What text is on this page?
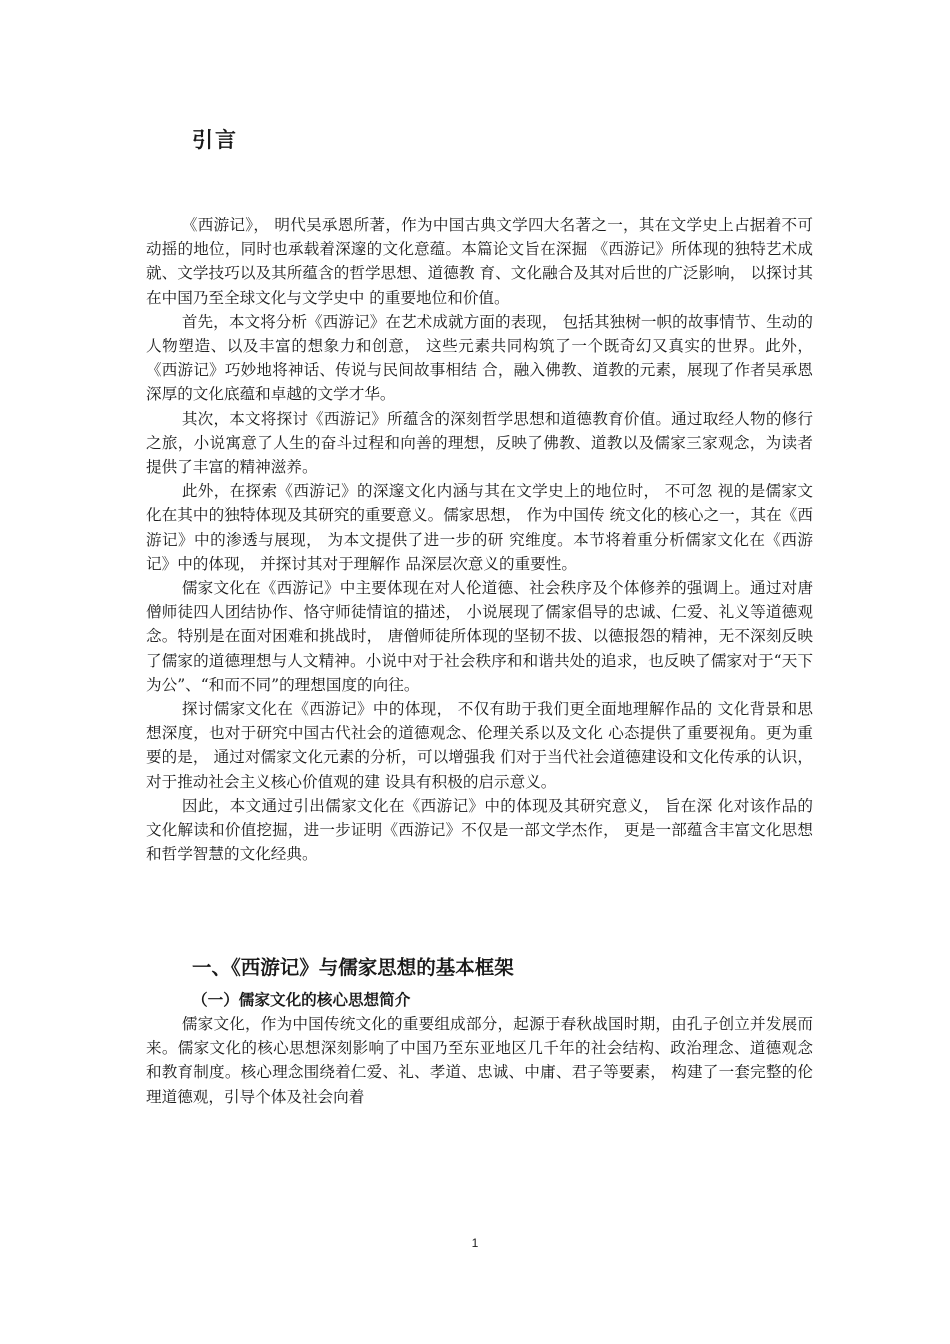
引言

《西游记》， 明代吴承恩所著，作为中国古典文学四大名著之一，其在文学史上占据着不可动摇的地位，同时也承载着深邃的文化意蕴。本篇论文旨在深掘 《西游记》所体现的独特艺术成就、文学技巧以及其所蕴含的哲学思想、道德教 育、文化融合及其对后世的广泛影响， 以探讨其在中国乃至全球文化与文学史中 的重要地位和价值。

首先，本文将分析《西游记》在艺术成就方面的表现， 包括其独树一帜的故事情节、生动的人物塑造、以及丰富的想象力和创意， 这些元素共同构筑了一个既奇幻又真实的世界。此外，《西游记》巧妙地将神话、传说与民间故事相结 合，融入佛教、道教的元素，展现了作者吴承恩深厚的文化底蕴和卓越的文学才华。

其次，本文将探讨《西游记》所蕴含的深刻哲学思想和道德教育价值。通过取经人物的修行之旅，小说寓意了人生的奋斗过程和向善的理想，反映了佛教、道教以及儒家三家观念，为读者提供了丰富的精神滋养。

此外，在探索《西游记》的深邃文化内涵与其在文学史上的地位时， 不可忽 视的是儒家文化在其中的独特体现及其研究的重要意义。儒家思想， 作为中国传 统文化的核心之一，其在《西游记》中的渗透与展现， 为本文提供了进一步的研 究维度。本节将着重分析儒家文化在《西游记》中的体现， 并探讨其对于理解作 品深层次意义的重要性。

儒家文化在《西游记》中主要体现在对人伦道德、社会秩序及个体修养的强调上。通过对唐僧师徒四人团结协作、恪守师徒情谊的描述， 小说展现了儒家倡导的忠诚、仁爱、礼义等道德观念。特别是在面对困难和挑战时， 唐僧师徒所体现的坚韧不拔、以德报怨的精神，无不深刻反映了儒家的道德理想与人文精神。小说中对于社会秩序和和谐共处的追求，也反映了儒家对于“天下为公”、“和而不同”的理想国度的向往。

探讨儒家文化在《西游记》中的体现， 不仅有助于我们更全面地理解作品的 文化背景和思想深度，也对于研究中国古代社会的道德观念、伦理关系以及文化 心态提供了重要视角。更为重要的是， 通过对儒家文化元素的分析，可以增强我 们对于当代社会道德建设和文化传承的认识，对于推动社会主义核心价值观的建 设具有积极的启示意义。

因此，本文通过引出儒家文化在《西游记》中的体现及其研究意义， 旨在深 化对该作品的文化解读和价值挖掘，进一步证明《西游记》不仅是一部文学杰作， 更是一部蕴含丰富文化思想和哲学智慧的文化经典。

一、《西游记》与儒家思想的基本框架
（一）儒家文化的核心思想简介

儒家文化，作为中国传统文化的重要组成部分，起源于春秋战国时期，由孔子创立并发展而来。儒家文化的核心思想深刻影响了中国乃至东亚地区几千年的社会结构、政治理念、道德观念和教育制度。核心理念围绕着仁爱、礼、孝道、忠诚、中庸、君子等要素， 构建了一套完整的伦理道德观，引导个体及社会向着

1
